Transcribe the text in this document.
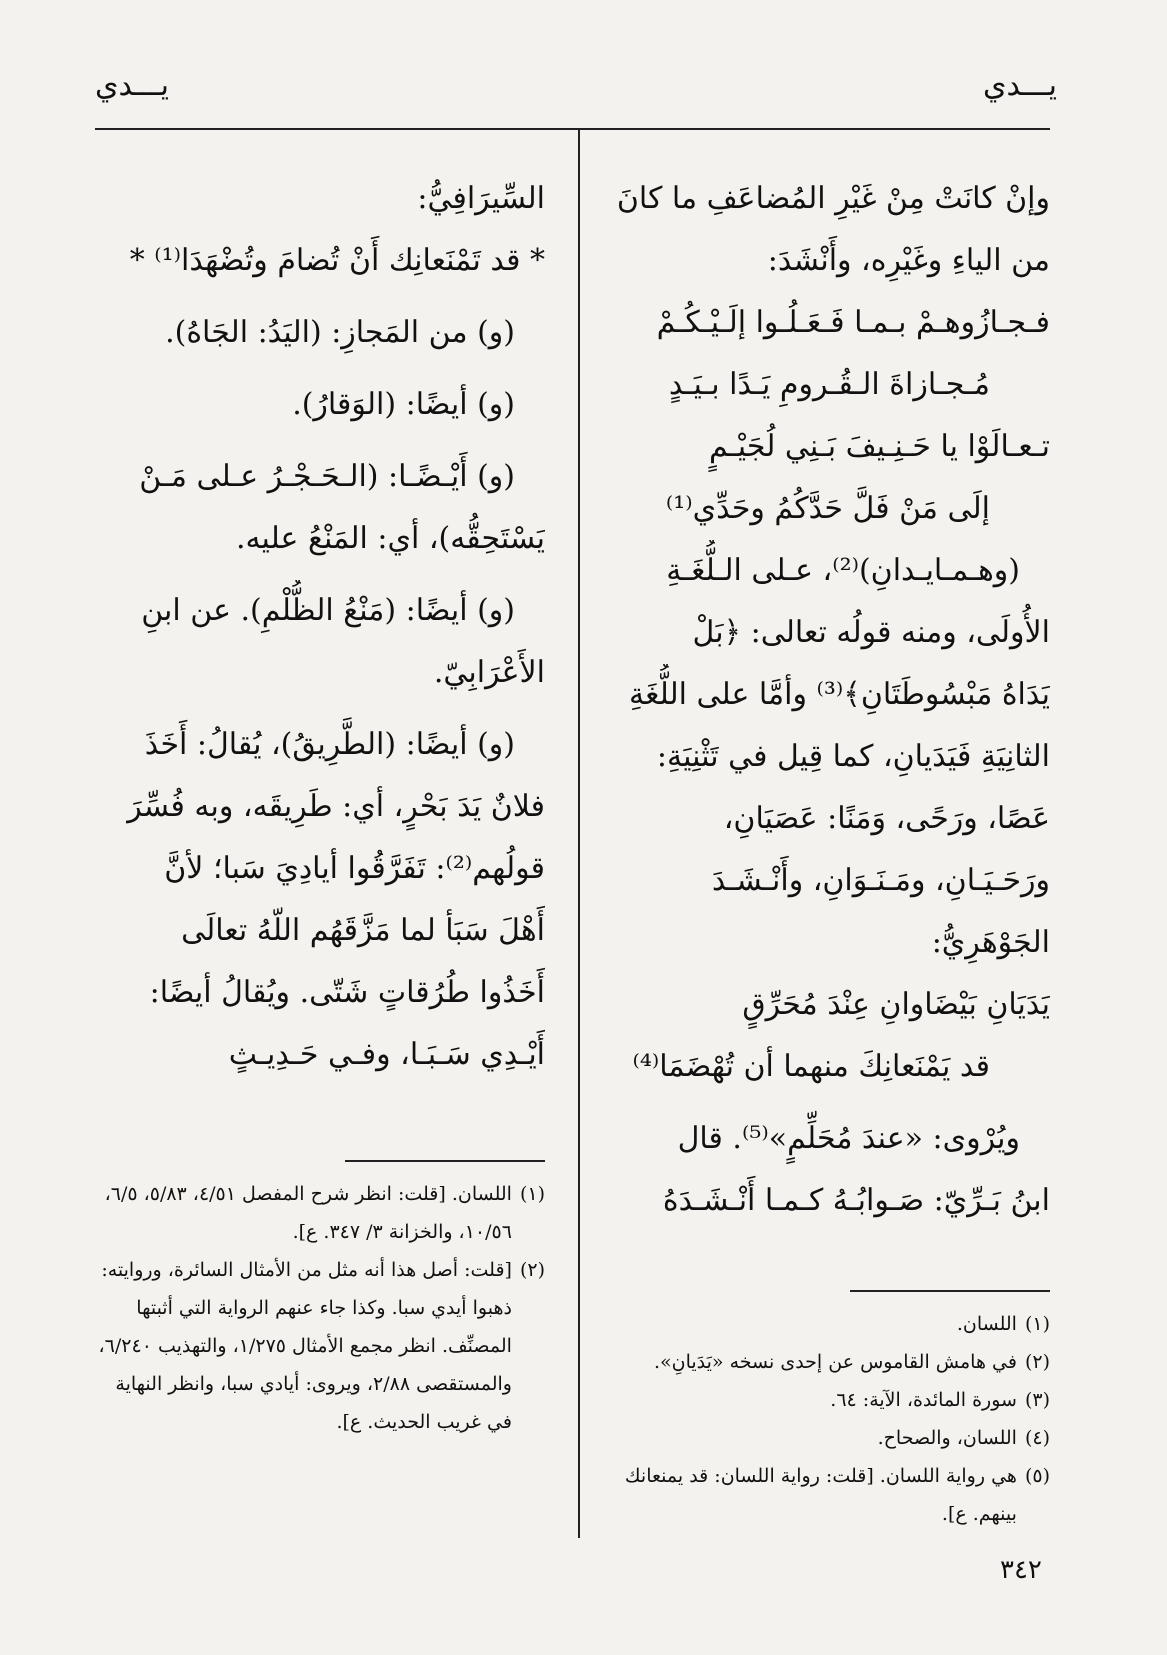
يـــدي
يـــدي
وإنْ كانَتْ مِنْ غَيْرِ المُضاعَفِ ما كانَ
من الياءِ وغَيْرِه، وأَنْشَدَ:
فـجـازُوهـمْ بـمـا فَـعَـلُـوا إلَـيْـكُـمْ
مُـجـازاةَ الـقُـرومِ يَـدًا بـيَـدٍ
تـعـالَوْا يا حَـنِـيفَ بَـنِي لُجَيْـمٍ
إلَى مَنْ فَلَّ حَدَّكُمُ وحَدِّي⁽¹⁾
(وهـمـايـدانِ)⁽²⁾، عـلى الـلُّغَـةِ
الأُولَى، ومنه قولُه تعالى: ﴿بَلْ
يَدَاهُ مَبْسُوطَتَانِ﴾⁽³⁾ وأمَّا على اللُّغَةِ
الثانِيَةِ فَيَدَيانِ، كما قِيل في تَثْنِيَةِ:
عَصًا، ورَحًى، وَمَنًا: عَصَيَانِ،
ورَحَـيَـانِ، ومَـنَـوَانِ، وأَنْـشَـدَ
الجَوْهَرِيُّ:
يَدَيَانِ بَيْضَاوانِ عِنْدَ مُحَرِّقٍ
قد يَمْنَعانِكَ منهما أن تُهْضَمَا⁽⁴⁾
ويُرْوى: «عندَ مُحَلِّمٍ»⁽⁵⁾. قال
ابنُ بَـرِّيّ: صَـوابُـهُ كـمـا أَنْـشَـدَهُ
السِّيرَافِيُّ:
* قد تَمْنَعانِك أَنْ تُضامَ وتُضْهَدَا⁽¹⁾ *
(و) من المَجازِ: (اليَدُ: الجَاهُ).
(و) أيضًا: (الوَقارُ).
(و) أَيْـضًـا: (الـحَـجْـرُ عـلى مَـنْ
يَسْتَحِقُّه)، أي: المَنْعُ عليه.
(و) أيضًا: (مَنْعُ الظُّلْمِ). عن ابنِ
الأَعْرَابِيّ.
(و) أيضًا: (الطَّرِيقُ)، يُقالُ: أَخَذَ
فلانٌ يَدَ بَحْرٍ، أي: طَرِيقَه، وبه فُسِّرَ
قولُهم⁽²⁾: تَفَرَّقُوا أيادِيَ سَبا؛ لأنَّ
أَهْلَ سَبَأ لما مَزَّقَهُم اللّهُ تعالَى
أَخَذُوا طُرُقاتٍ شَتّى. ويُقالُ أيضًا:
أَيْـدِي سَـبَـا، وفـي حَـدِيـثٍ
(١)
اللسان.
(٢)
في هامش القاموس عن إحدى نسخه «يَدَيانِ».
(٣)
سورة المائدة، الآية: ٦٤.
(٤)
اللسان، والصحاح.
(٥)
هي رواية اللسان. [قلت: رواية اللسان: قد يمنعانك بينهم. ع].
(١)
اللسان. [قلت: انظر شرح المفصل ٤/٥١، ٥/٨٣، ٦/٥، ١٠/٥٦، والخزانة ٣/ ٣٤٧. ع].
(٢)
[قلت: أصل هذا أنه مثل من الأمثال السائرة، وروايته: ذهبوا أيدي سبا. وكذا جاء عنهم الرواية التي أثبتها المصنِّف. انظر مجمع الأمثال ١/٢٧٥، والتهذيب ٦/٢٤٠، والمستقصى ٢/٨٨، ويروى: أيادي سبا، وانظر النهاية في غريب الحديث. ع].
٣٤٢
